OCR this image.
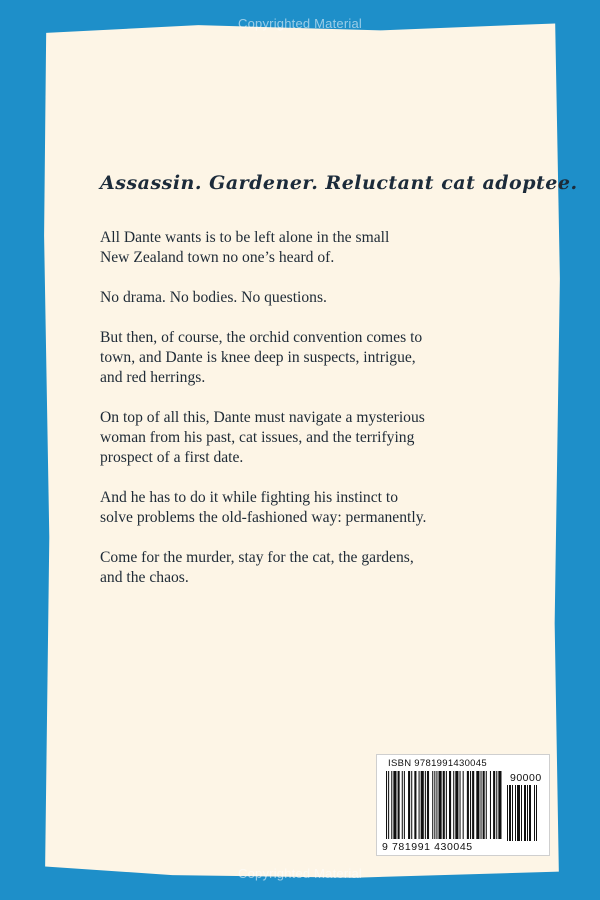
Copyrighted Material
Assassin. Gardener. Reluctant cat adoptee.

All Dante wants is to be left alone in the small
New Zealand town no one’s heard of.

No drama. No bodies. No questions.

But then, of course, the orchid convention comes to
town, and Dante is knee deep in suspects, intrigue,
and red herrings.

On top of all this, Dante must navigate a mysterious
woman from his past, cat issues, and the terrifying
prospect of a first date.

And he has to do it while fighting his instinct to
solve problems the old-fashioned way: permanently.

Come for the murder, stay for the cat, the gardens,
and the chaos.

ISBN 9781991430045
90000
9 781991 430045
Copyrighted Material
